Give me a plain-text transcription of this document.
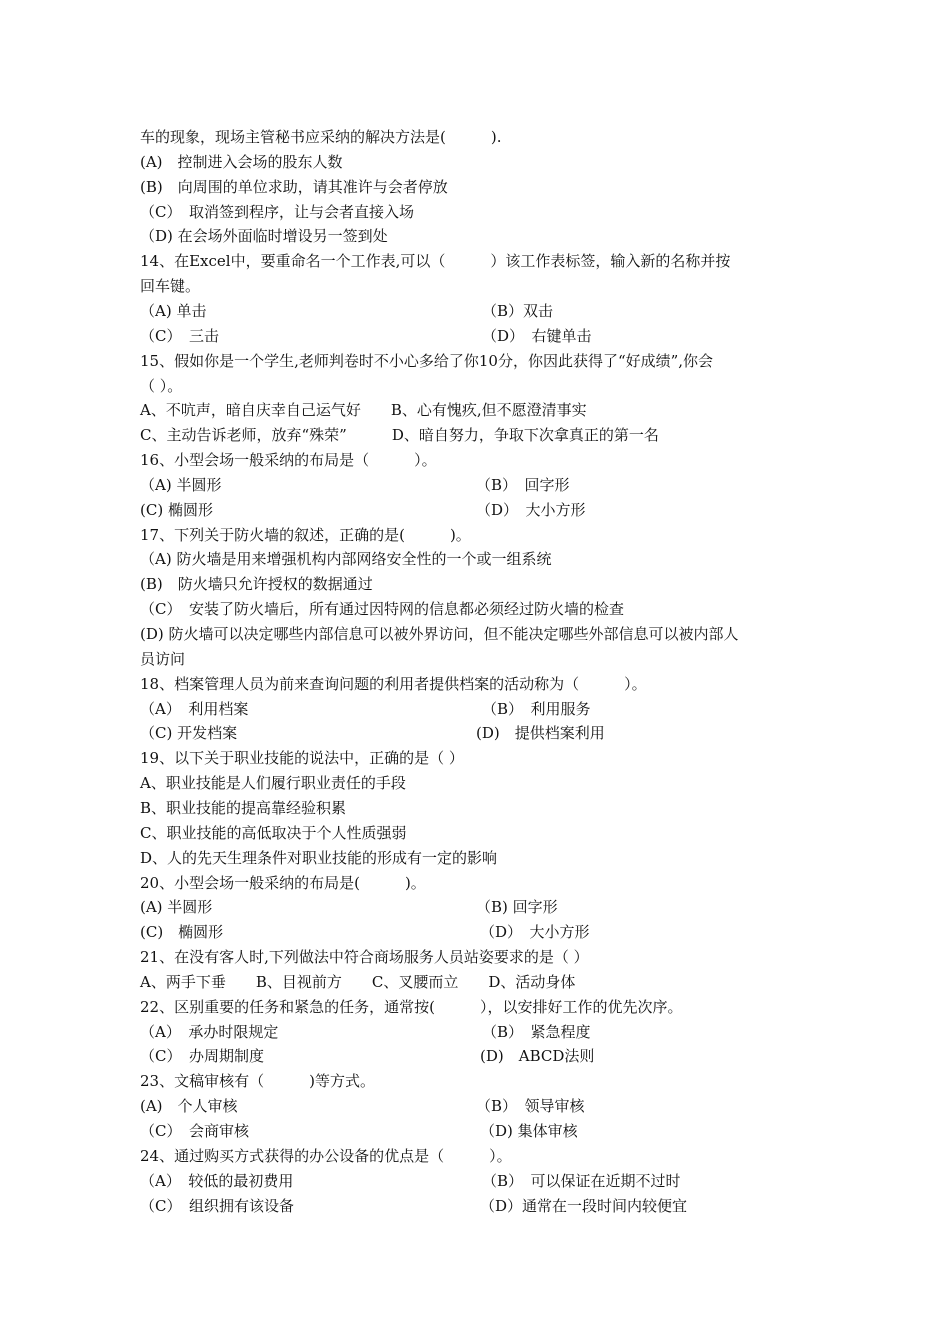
车的现象，现场主管秘书应采纳的解决方法是(　　　).
(A)　控制进入会场的股东人数
(B)　向周围的单位求助，请其准许与会者停放
（C）　取消签到程序，让与会者直接入场
（D) 在会场外面临时增设另一签到处
14、在Excel中，要重命名一个工作表,可以（　　　）该工作表标签，输入新的名称并按
回车键。
（A) 单击	（B）双击
（C）　三击	（D）　右键单击
15、假如你是一个学生,老师判卷时不小心多给了你10分，你因此获得了“好成绩”,你会
（ ）。
A、不吭声，暗自庆幸自己运气好　　B、心有愧疚,但不愿澄清事实
C、主动告诉老师，放弃“殊荣”　　　D、暗自努力，争取下次拿真正的第一名
16、小型会场一般采纳的布局是（　　　）。
（A) 半圆形	（B）　回字形
(C) 椭圆形	（D）　大小方形
17、下列关于防火墙的叙述，正确的是(　　　)。
（A) 防火墙是用来增强机构内部网络安全性的一个或一组系统
(B)　防火墙只允许授权的数据通过
（C）　安装了防火墙后，所有通过因特网的信息都必须经过防火墙的检查
(D) 防火墙可以决定哪些内部信息可以被外界访问，但不能决定哪些外部信息可以被内部人
员访问
18、档案管理人员为前来查询问题的利用者提供档案的活动称为（　　　）。
（A）　利用档案	（B）　利用服务
（C) 开发档案	(D)　提供档案利用
19、以下关于职业技能的说法中，正确的是（ ）
A、职业技能是人们履行职业责任的手段
B、职业技能的提高靠经验积累
C、职业技能的高低取决于个人性质强弱
D、人的先天生理条件对职业技能的形成有一定的影响
20、小型会场一般采纳的布局是(　　　)。
(A) 半圆形	（B) 回字形
(C)　椭圆形	（D）　大小方形
21、在没有客人时,下列做法中符合商场服务人员站姿要求的是（ ）
A、两手下垂　　B、目视前方　　C、叉腰而立　　D、活动身体
22、区别重要的任务和紧急的任务，通常按(　　　），以安排好工作的优先次序。
（A）　承办时限规定	（B）　紧急程度
（C）　办周期制度	(D)　ABCD法则
23、文稿审核有（　　　)等方式。
(A)　个人审核	（B）　领导审核
（C）　会商审核	（D) 集体审核
24、通过购买方式获得的办公设备的优点是（　　　）。
（A）　较低的最初费用	（B）　可以保证在近期不过时
（C）　组织拥有该设备	（D）通常在一段时间内较便宜
